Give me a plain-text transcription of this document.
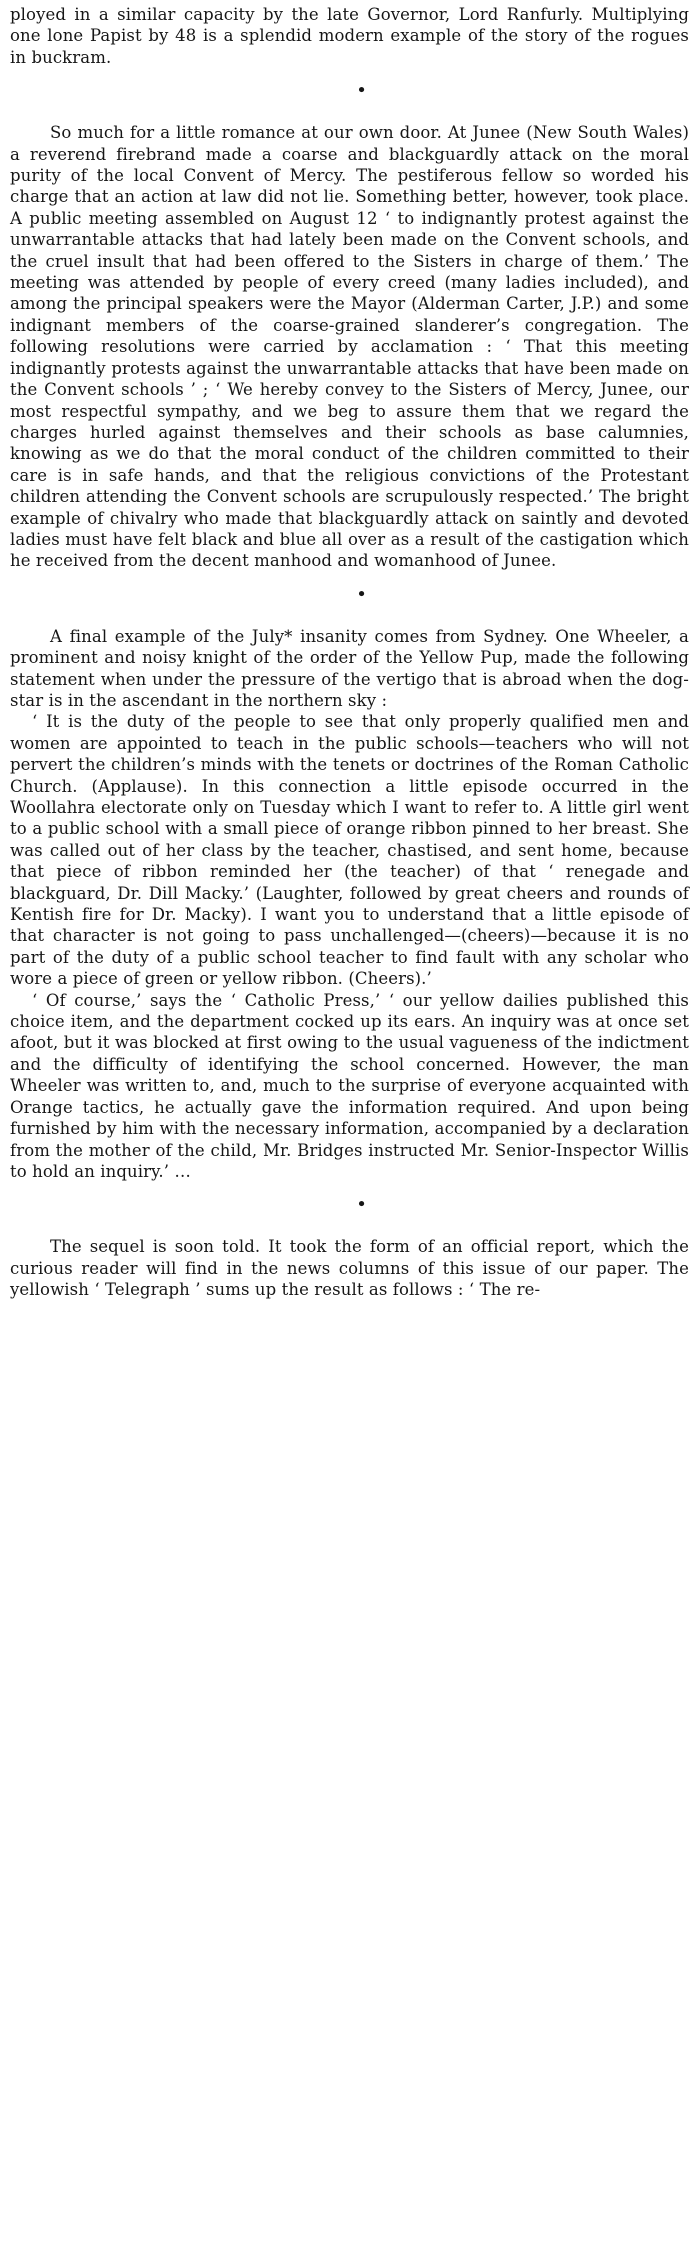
ployed in a similar capacity by the late Governor, Lord Ranfurly. Multiplying one lone Papist by 48 is a splendid modern example of the story of the rogues in buckram.

•

So much for a little romance at our own door. At Junee (New South Wales) a reverend firebrand made a coarse and blackguardly attack on the moral purity of the local Convent of Mercy. The pestiferous fellow so worded his charge that an action at law did not lie. Something better, however, took place. A public meeting assembled on August 12 ‘ to indignantly protest against the unwarrantable attacks that had lately been made on the Convent schools, and the cruel insult that had been offered to the Sisters in charge of them.’ The meeting was attended by people of every creed (many ladies included), and among the principal speakers were the Mayor (Alderman Carter, J.P.) and some indignant members of the coarse-grained slanderer’s congregation. The following resolutions were carried by acclamation : ‘ That this meeting indignantly protests against the unwarrantable attacks that have been made on the Convent schools ’ ; ‘ We hereby convey to the Sisters of Mercy, Junee, our most respectful sympathy, and we beg to assure them that we regard the charges hurled against themselves and their schools as base calumnies, knowing as we do that the moral conduct of the children committed to their care is in safe hands, and that the religious convictions of the Protestant children attending the Convent schools are scrupulously respected.’ The bright example of chivalry who made that blackguardly attack on saintly and devoted ladies must have felt black and blue all over as a result of the castigation which he received from the decent manhood and womanhood of Junee.

•

A final example of the July* insanity comes from Sydney. One Wheeler, a prominent and noisy knight of the order of the Yellow Pup, made the following statement when under the pressure of the vertigo that is abroad when the dog-star is in the ascendant in the northern sky :

‘ It is the duty of the people to see that only properly qualified men and women are appointed to teach in the public schools—teachers who will not pervert the children’s minds with the tenets or doctrines of the Roman Catholic Church. (Applause). In this connection a little episode occurred in the Woollahra electorate only on Tuesday which I want to refer to. A little girl went to a public school with a small piece of orange ribbon pinned to her breast. She was called out of her class by the teacher, chastised, and sent home, because that piece of ribbon reminded her (the teacher) of that ‘ renegade and blackguard, Dr. Dill Macky.’ (Laughter, followed by great cheers and rounds of Kentish fire for Dr. Macky). I want you to understand that a little episode of that character is not going to pass unchallenged—(cheers)—because it is no part of the duty of a public school teacher to find fault with any scholar who wore a piece of green or yellow ribbon. (Cheers).’

‘ Of course,’ says the ‘ Catholic Press,’ ‘ our yellow dailies published this choice item, and the department cocked up its ears. An inquiry was at once set afoot, but it was blocked at first owing to the usual vagueness of the indictment and the difficulty of identifying the school concerned. However, the man Wheeler was written to, and, much to the surprise of everyone acquainted with Orange tactics, he actually gave the information required. And upon being furnished by him with the necessary information, accompanied by a declaration from the mother of the child, Mr. Bridges instructed Mr. Senior-Inspector Willis to hold an inquiry.’ …

•

The sequel is soon told. It took the form of an official report, which the curious reader will find in the news columns of this issue of our paper. The yellowish ‘ Telegraph ’ sums up the result as follows : ‘ The re-
